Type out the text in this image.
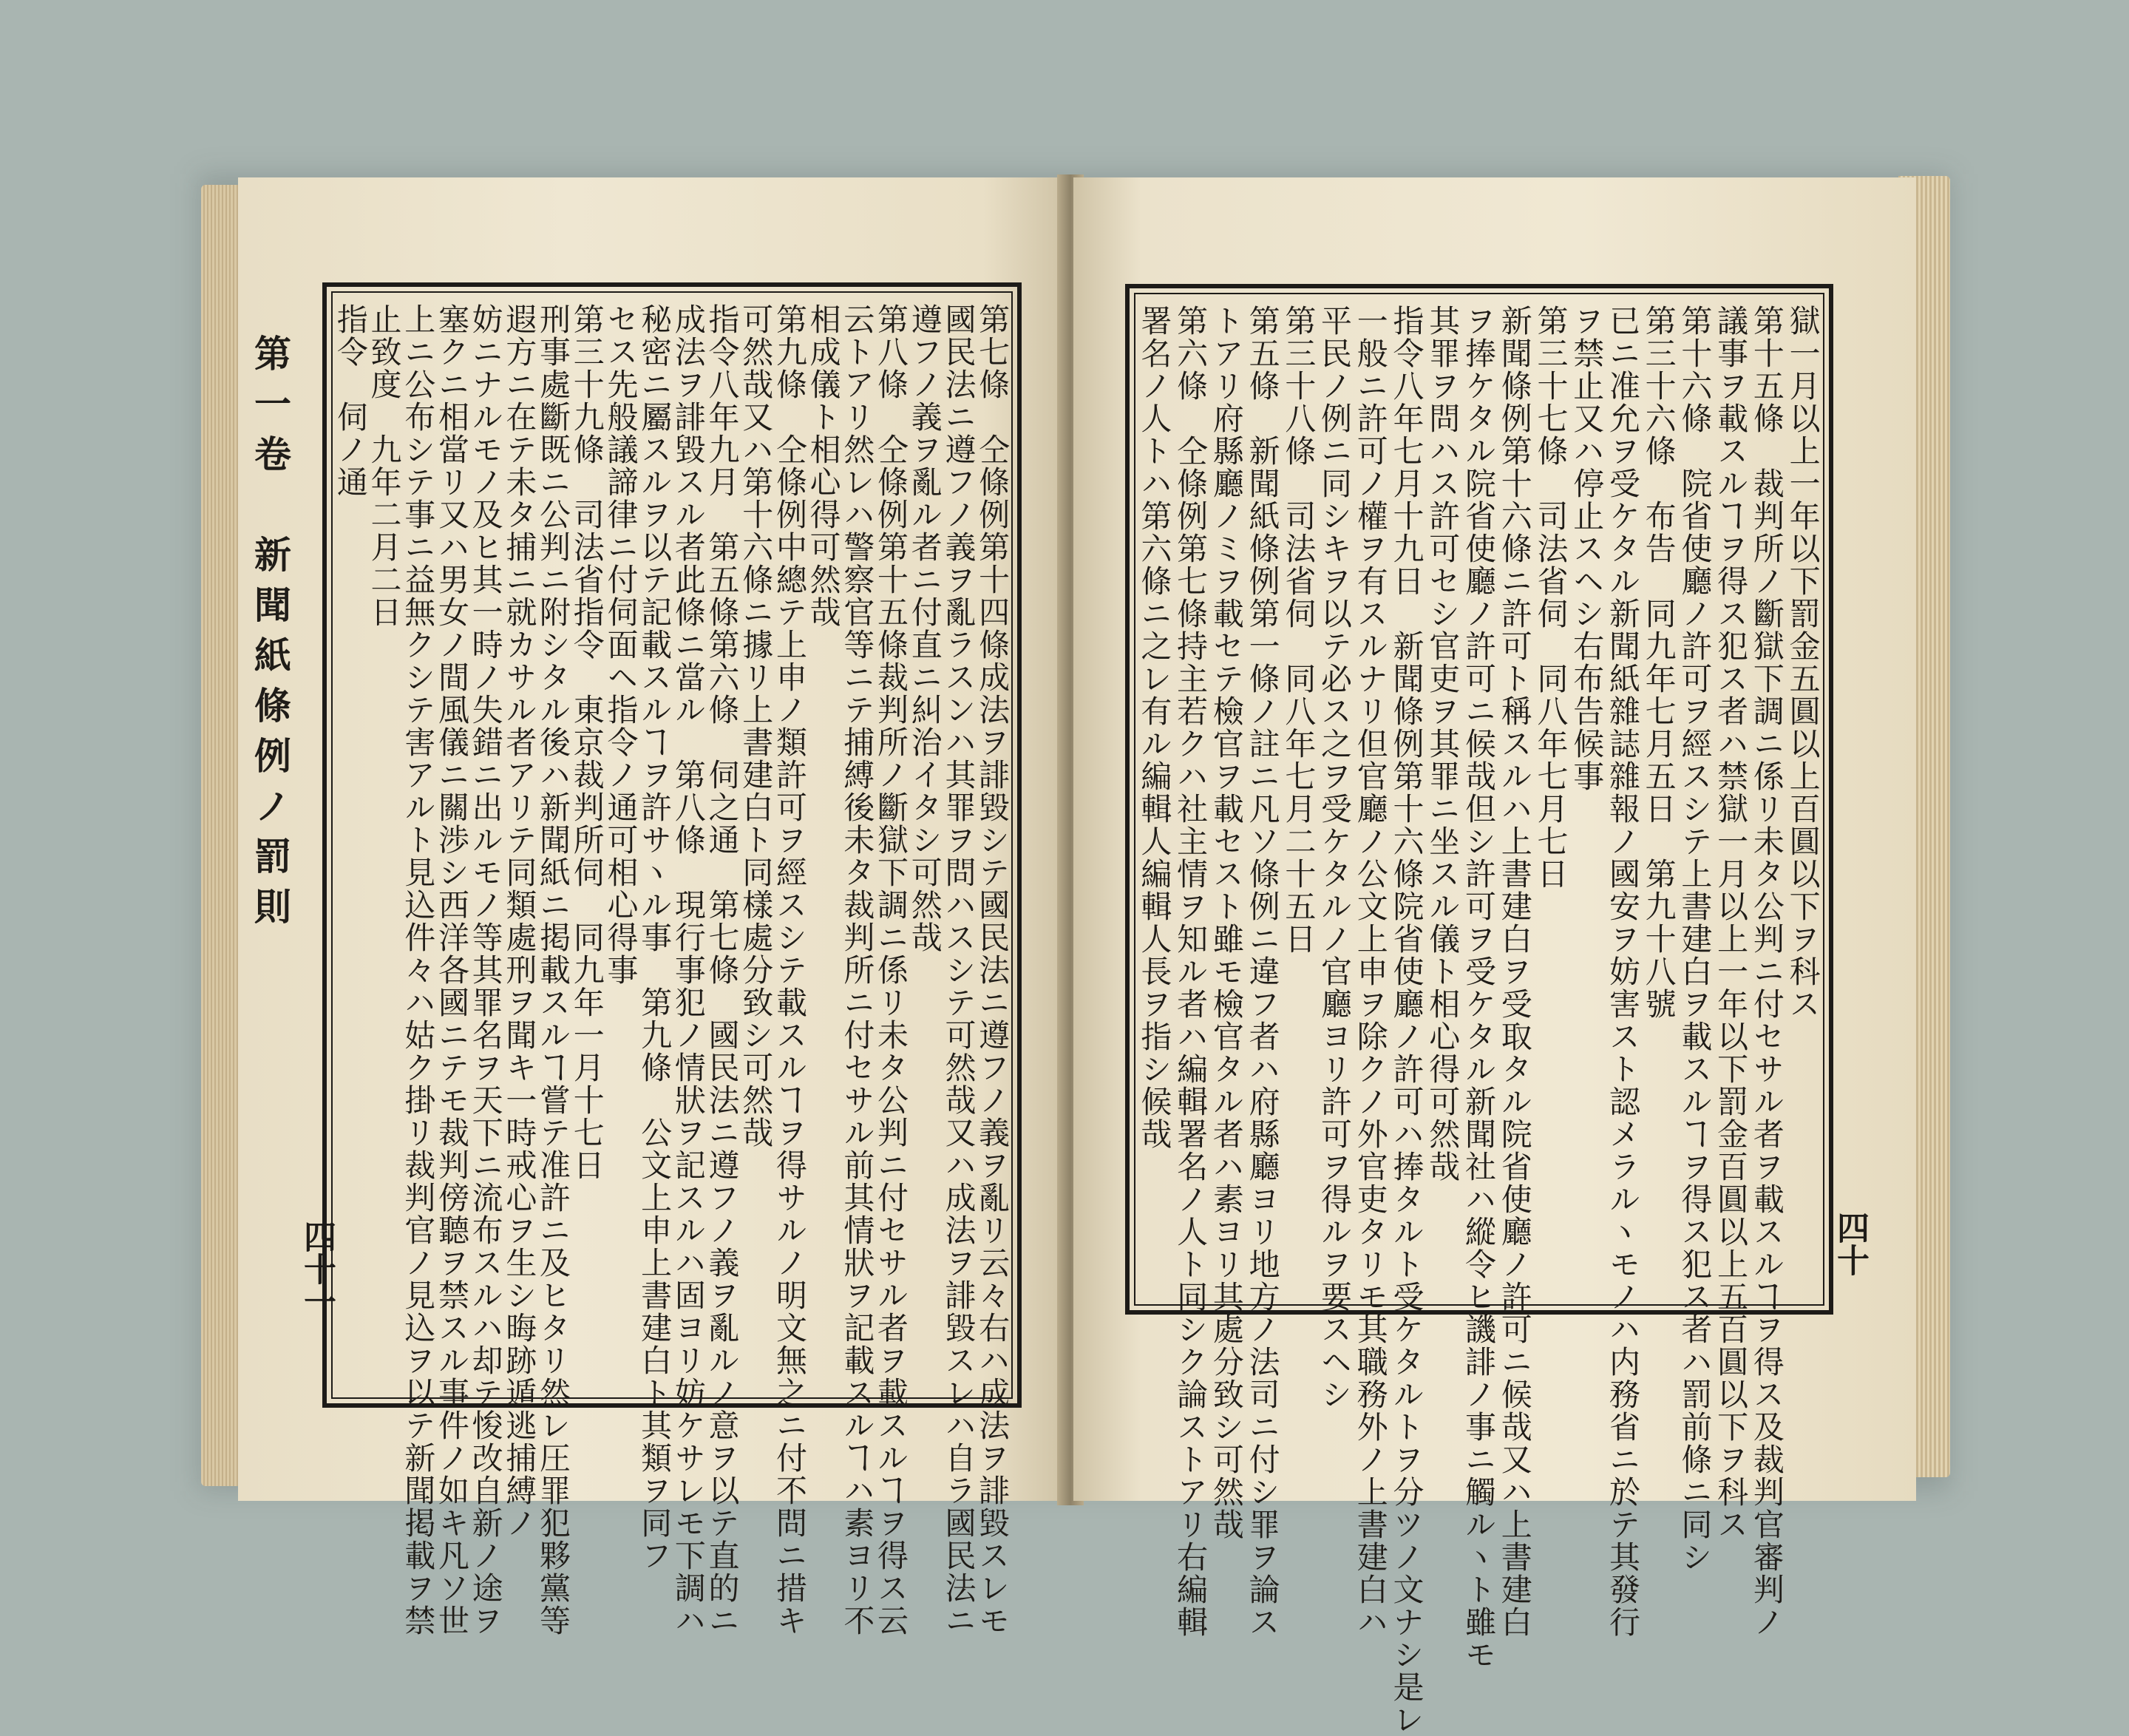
第一卷　新聞紙條例ノ罰則
四十一	第七條　仝條例第十四條成法ヲ誹毀シテ國民法ニ遵フノ義ヲ亂リ云々右ハ成法ヲ誹毀スレモ
國民法ニ遵フノ義ヲ亂ラスンハ其罪ヲ問ハスシテ可然哉又ハ成法ヲ誹毀スレハ自ラ國民法ニ
遵フノ義ヲ亂ル者ニ付直ニ糾治イタシ可然哉
第八條　仝條例第十五條裁判所ノ斷獄下調ニ係リ未タ公判ニ付セサル者ヲ載スルヿヲ得ス云
云トアリ然レハ警察官等ニテ捕縛後未タ裁判所ニ付セサル前其情狀ヲ記載スルヿハ素ヨリ不
相成儀ト相心得可然哉
第九條　仝條例中總テ上申ノ類許可ヲ經スシテ載スルヿヲ得サルノ明文無之ニ付不問ニ措キ
可然哉又ハ第十六條ニ據リ上書建白ト同樣處分致シ可然哉
指令八年九月　第五條第六條　伺之通　第七條　國民法ニ遵フノ義ヲ亂ルノ意ヲ以テ直的ニ
成法ヲ誹毀スル者此條ニ當ル　第八條　現行事犯ノ情狀ヲ記スルハ固ヨリ妨ケサレモ下調ハ
秘密ニ屬スルヲ以テ記載スルヿヲ許サヽル事　第九條　公文上申上書建白ト其類ヲ同フ
セス先般議諦律ニ付伺面ヘ指令ノ通可相心得事
第三十九條　司法省指令　東京裁判所伺　同九年一月十七日
刑事處斷既ニ公判ニ附シタル後ハ新聞紙ニ掲載スルヿ嘗テ准許ニ及ヒタリ然レ圧罪犯夥黨等
遐方ニ在テ未タ捕ニ就カサル者アリテ同類處刑ヲ聞キ一時戒心ヲ生シ晦跡遁逃捕縛ノ
妨ニナルモノ及ヒ其一時ノ失錯ニ出ルモノ等其罪名ヲ天下ニ流布スルハ却テ悛改自新ノ途ヲ
塞クニ相當リ又ハ男女ノ間風儀ニ關渉シ西洋各國ニテモ裁判傍聽ヲ禁スル事件ノ如キ凡ソ世
上ニ公布シテ事ニ益無クシテ害アルト見込件々ハ姑ク掛リ裁判官ノ見込ヲ以テ新聞掲載ヲ禁
止致度　九年二月二日
指令　伺ノ通
四十
獄一月以上一年以下罰金五圓以上百圓以下ヲ科ス
第十五條　裁判所ノ斷獄下調ニ係リ未タ公判ニ付セサル者ヲ載スルヿヲ得ス及裁判官審判ノ
議事ヲ載スルヿヲ得ス犯ス者ハ禁獄一月以上一年以下罰金百圓以上五百圓以下ヲ科ス
第十六條　院省使廳ノ許可ヲ經スシテ上書建白ヲ載スルヿヲ得ス犯ス者ハ罰前條ニ同シ
第三十六條　布告　同九年七月五日　第九十八號
已ニ准允ヲ受ケタル新聞紙雜誌雜報ノ國安ヲ妨害スト認メラルヽモノハ内務省ニ於テ其發行
ヲ禁止又ハ停止スヘシ右布告候事
第三十七條　司法省伺　同八年七月七日
新聞條例第十六條ニ許可ト稱スルハ上書建白ヲ受取タル院省使廳ノ許可ニ候哉又ハ上書建白
ヲ捧ケタル院省使廳ノ許可ニ候哉但シ許可ヲ受ケタル新聞社ハ縱令ヒ譏誹ノ事ニ觸ルヽト雖モ
其罪ヲ問ハス許可セシ官吏ヲ其罪ニ坐スル儀ト相心得可然哉
指令八年七月十九日　新聞條例第十六條院省使廳ノ許可ハ捧タルト受ケタルトヲ分ツノ文ナシ是レ
一般ニ許可ノ權ヲ有スルナリ但官廳ノ公文上申ヲ除クノ外官吏タリモ其職務外ノ上書建白ハ
平民ノ例ニ同シキヲ以テ必ス之ヲ受ケタルノ官廳ヨリ許可ヲ得ルヲ要スヘシ
第三十八條　司法省伺　同八年七月二十五日
第五條　新聞紙條例第一條ノ註ニ凡ソ條例ニ違フ者ハ府縣廳ヨリ地方ノ法司ニ付シ罪ヲ論ス
トアリ府縣廳ノミヲ載セテ檢官ヲ載セスト雖モ檢官タル者ハ素ヨリ其處分致シ可然哉
第六條　仝條例第七條持主若クハ社主情ヲ知ル者ハ編輯署名ノ人ト同シク論ストアリ右編輯
署名ノ人トハ第六條ニ之レ有ル編輯人編輯人長ヲ指シ候哉
